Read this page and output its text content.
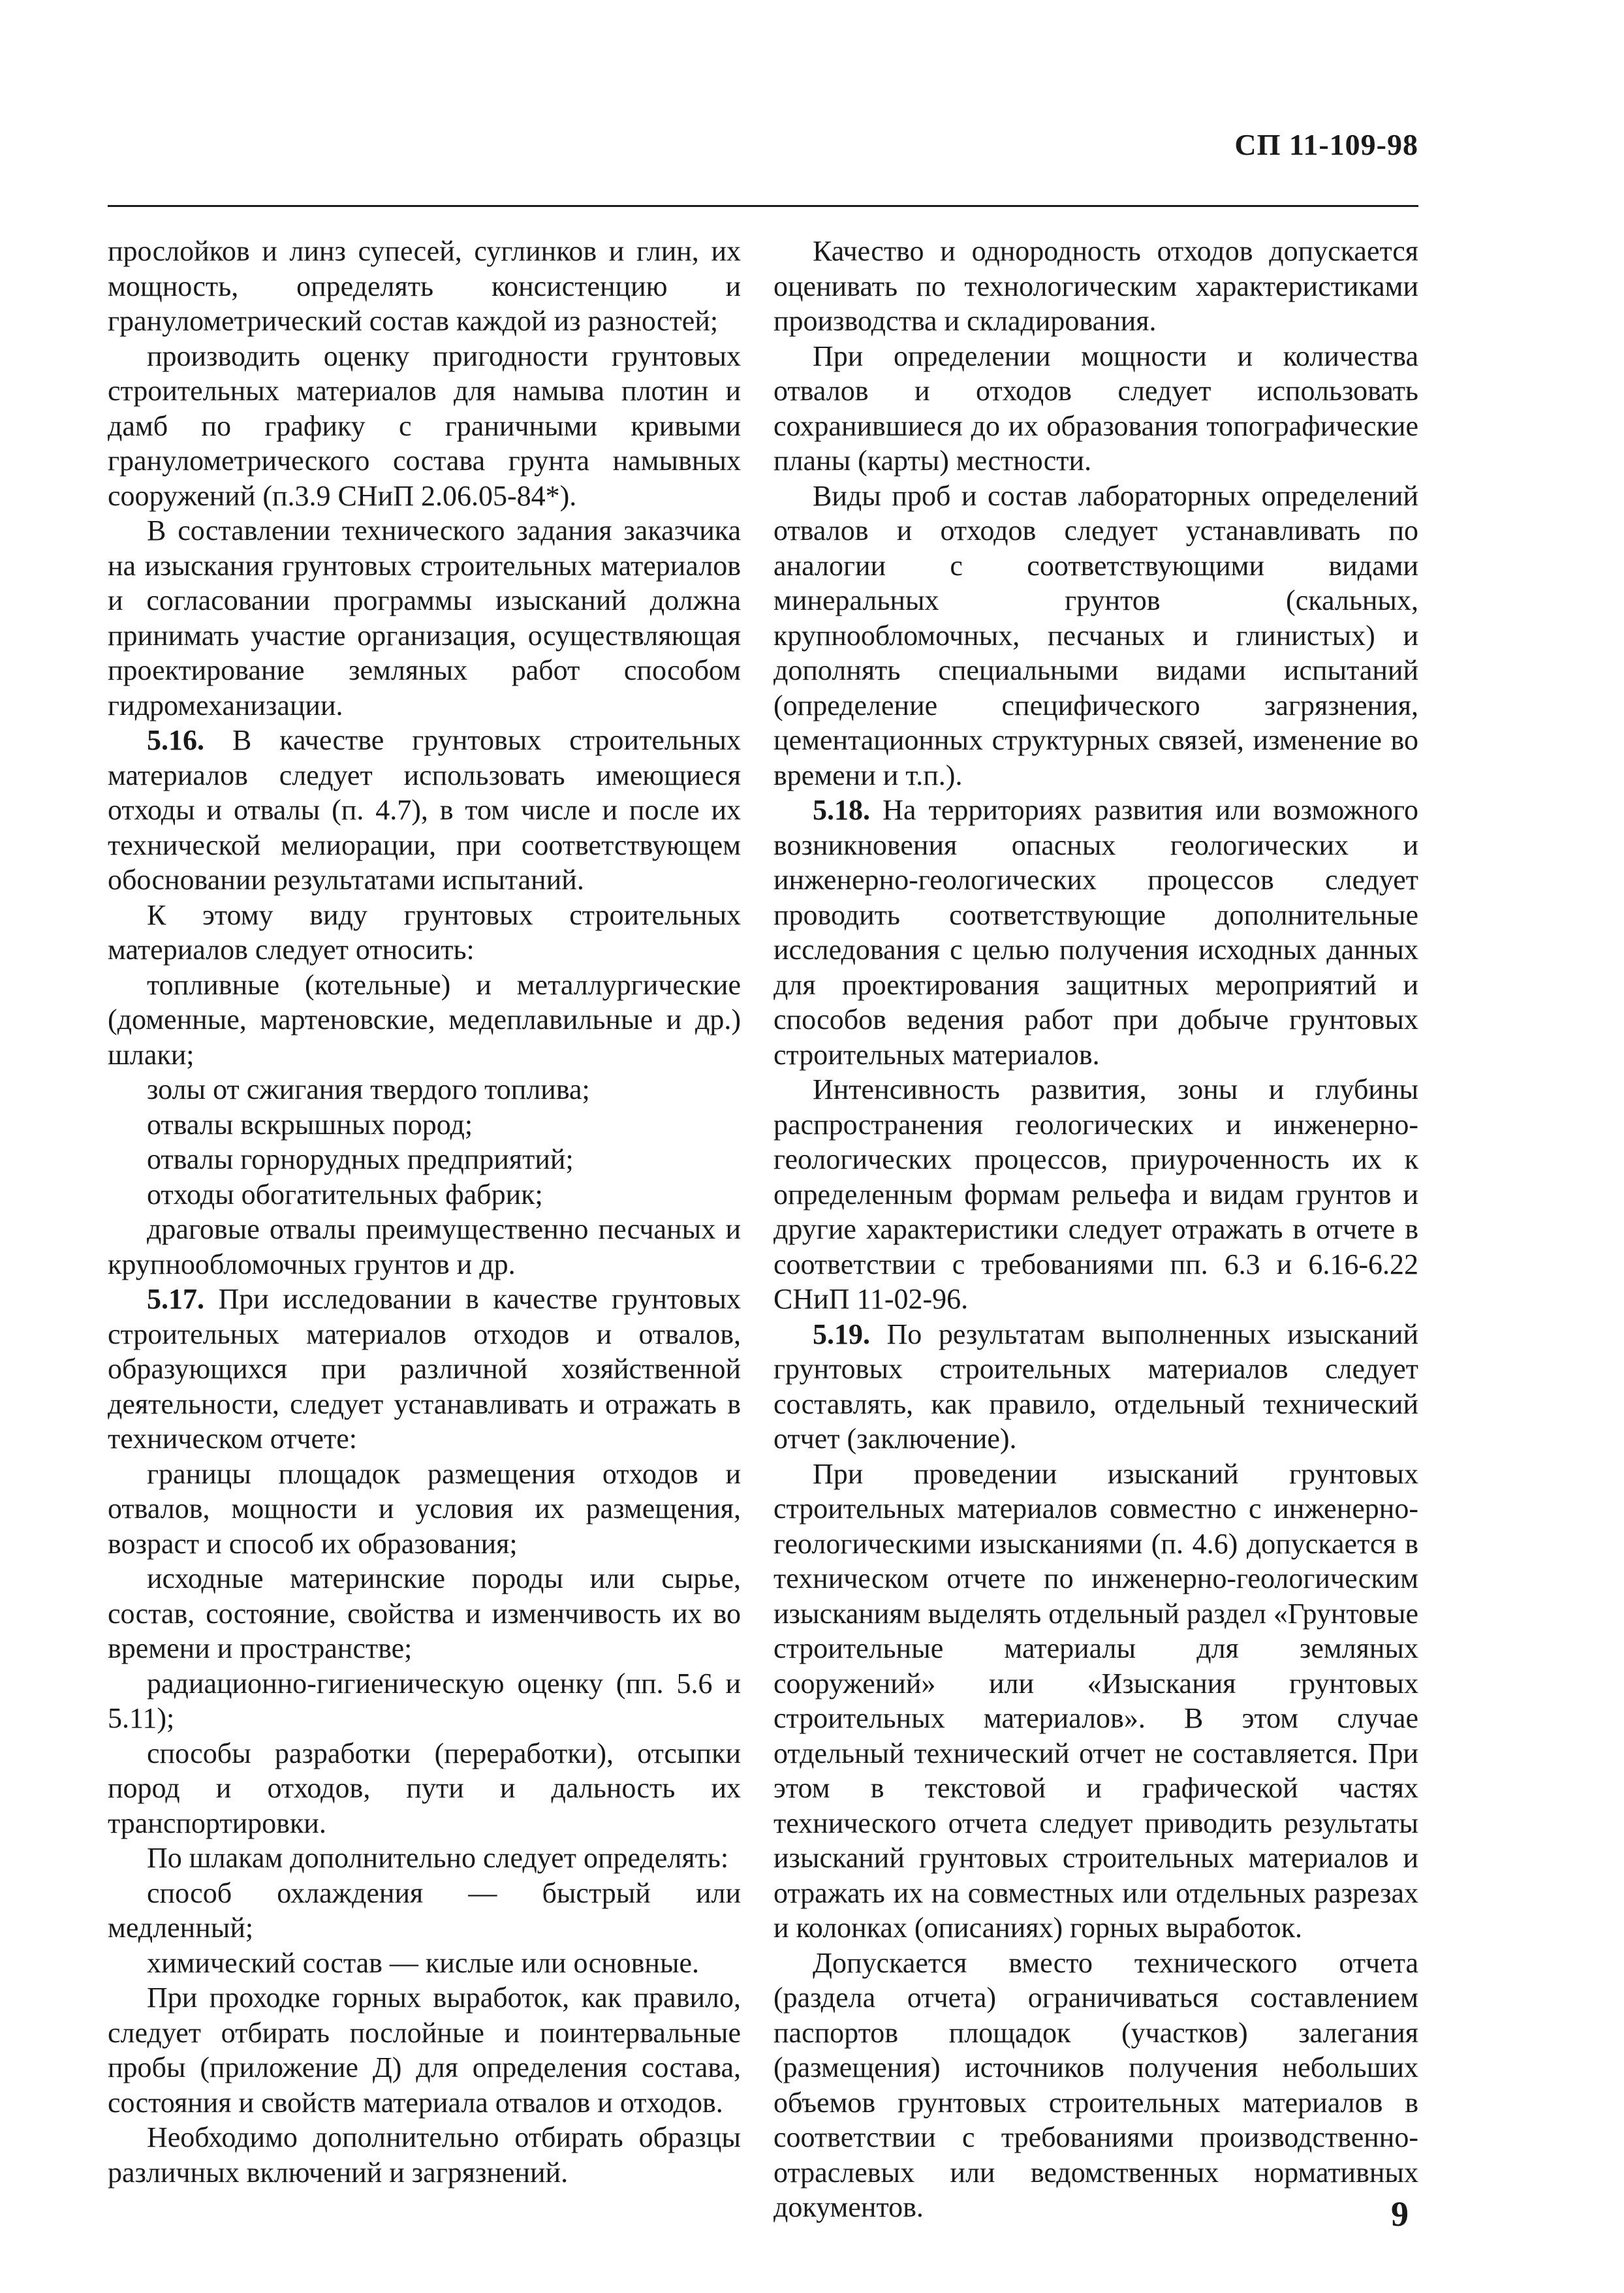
СП 11-109-98

прослойков и линз супесей, суглинков и глин, их мощность, определять консистенцию и гранулометрический состав каждой из разностей;

производить оценку пригодности грунтовых строительных материалов для намыва плотин и дамб по графику с граничными кривыми гранулометрического состава грунта намывных сооружений (п.3.9 СНиП 2.06.05-84*).

В составлении технического задания заказчика на изыскания грунтовых строительных материалов и согласовании программы изысканий должна принимать участие организация, осуществляющая проектирование земляных работ способом гидромеханизации.

5.16. В качестве грунтовых строительных материалов следует использовать имеющиеся отходы и отвалы (п. 4.7), в том числе и после их технической мелиорации, при соответствующем обосновании результатами испытаний.

К этому виду грунтовых строительных материалов следует относить:

топливные (котельные) и металлургические (доменные, мартеновские, медеплавильные и др.) шлаки;

золы от сжигания твердого топлива;

отвалы вскрышных пород;

отвалы горнорудных предприятий;

отходы обогатительных фабрик;

драговые отвалы преимущественно песчаных и крупнообломочных грунтов и др.

5.17. При исследовании в качестве грунтовых строительных материалов отходов и отвалов, образующихся при различной хозяйственной деятельности, следует устанавливать и отражать в техническом отчете:

границы площадок размещения отходов и отвалов, мощности и условия их размещения, возраст и способ их образования;

исходные материнские породы или сырье, состав, состояние, свойства и изменчивость их во времени и пространстве;

радиационно-гигиеническую оценку (пп. 5.6 и 5.11);

способы разработки (переработки), отсыпки пород и отходов, пути и дальность их транспортировки.

По шлакам дополнительно следует определять:

способ охлаждения — быстрый или медленный;

химический состав — кислые или основные.

При проходке горных выработок, как правило, следует отбирать послойные и поинтервальные пробы (приложение Д) для определения состава, состояния и свойств материала отвалов и отходов.

Необходимо дополнительно отбирать образцы различных включений и загрязнений.

Качество и однородность отходов допускается оценивать по технологическим характеристиками производства и складирования.

При определении мощности и количества отвалов и отходов следует использовать сохранившиеся до их образования топографические планы (карты) местности.

Виды проб и состав лабораторных определений отвалов и отходов следует устанавливать по аналогии с соответствующими видами минеральных грунтов (скальных, крупнообломочных, песчаных и глинистых) и дополнять специальными видами испытаний (определение специфического загрязнения, цементационных структурных связей, изменение во времени и т.п.).

5.18. На территориях развития или возможного возникновения опасных геологических и инженерно-геологических процессов следует проводить соответствующие дополнительные исследования с целью получения исходных данных для проектирования защитных мероприятий и способов ведения работ при добыче грунтовых строительных материалов.

Интенсивность развития, зоны и глубины распространения геологических и инженерно-геологических процессов, приуроченность их к определенным формам рельефа и видам грунтов и другие характеристики следует отражать в отчете в соответствии с требованиями пп. 6.3 и 6.16-6.22 СНиП 11-02-96.

5.19. По результатам выполненных изысканий грунтовых строительных материалов следует составлять, как правило, отдельный технический отчет (заключение).

При проведении изысканий грунтовых строительных материалов совместно с инженерно-геологическими изысканиями (п. 4.6) допускается в техническом отчете по инженерно-геологическим изысканиям выделять отдельный раздел «Грунтовые строительные материалы для земляных сооружений» или «Изыскания грунтовых строительных материалов». В этом случае отдельный технический отчет не составляется. При этом в текстовой и графической частях технического отчета следует приводить результаты изысканий грунтовых строительных материалов и отражать их на совместных или отдельных разрезах и колонках (описаниях) горных выработок.

Допускается вместо технического отчета (раздела отчета) ограничиваться составлением паспортов площадок (участков) залегания (размещения) источников получения небольших объемов грунтовых строительных материалов в соответствии с требованиями производственно-отраслевых или ведомственных нормативных документов.	9
